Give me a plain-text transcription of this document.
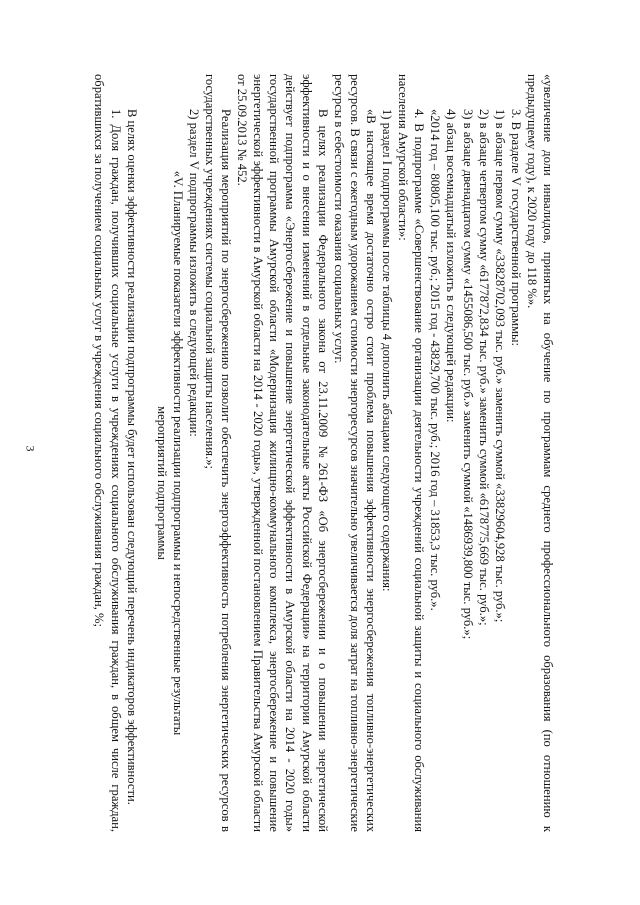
3	«увеличение доли инвалидов, принятых на обучение по программам среднего профессионального образования (по отношению к предыдущему году), к 2020 году до 118 %».

3. В разделе V государственной программы:

1) в абзаце первом сумму «33828702,093 тыс. руб.» заменить суммой «33829604,928 тыс. руб.»;

2) в абзаце четвертом сумму «6177872,834 тыс. руб.» заменить суммой «6178775,669 тыс. руб.»;

3) в абзаце двенадцатом сумму «1455086,500 тыс. руб.» заменить суммой «1486939,800 тыс. руб.»;

4) абзац восемнадцатый изложить в следующей редакции:

«2014 год – 80805,100 тыс. руб.; 2015 год - 43829,700 тыс. руб.; 2016 год – 31853,3 тыс. руб.».

4. В подпрограмме «Совершенствование организации деятельности учреждений социальной защиты и социального обслуживания населения Амурской области»:

1) раздел I подпрограммы после таблицы 4 дополнить абзацами следующего содержания:

«В настоящее время достаточно остро стоит проблема повышения эффективности энергосбережения топливно-энергетических ресурсов. В связи с ежегодным удорожанием стоимости энергоресурсов значительно увеличивается доля затрат на топливно-энергетические ресурсы в себестоимости оказания социальных услуг.

В целях реализации Федерального закона от 23.11.2009 №261-ФЗ «Об энергосбережении и о повышении энергетической эффективности и о внесении изменений в отдельные законодательные акты Российской Федерации» на территории Амурской области действует подпрограмма «Энергосбережение и повышение энергетической эффективности в Амурской области на 2014 - 2020 годы» государственной программы Амурской области «Модернизация жилищно-коммунального комплекса, энергосбережение и повышение энергетической эффективности в Амурской области на 2014 - 2020 годы», утвержденной постановлением Правительства Амурской области от 25.09.2013 № 452.

Реализация мероприятий по энергосбережению позволит обеспечить энергоэффективность потребления энергетических ресурсов в государственных учреждениях системы социальной защиты населения.»;

2) раздел V подпрограммы изложить в следующей редакции:

«V. Планируемые показатели эффективности реализации подпрограммы и непосредственные результаты

мероприятий подпрограммы

В целях оценки эффективности реализации подпрограммы будет использован следующий перечень индикаторов эффективности.

1. Доля граждан, получивших социальные услуги в учреждениях социального обслуживания граждан, в общем числе граждан, обратившихся за получением социальных услуг в учреждения социального обслуживания граждан, %;
